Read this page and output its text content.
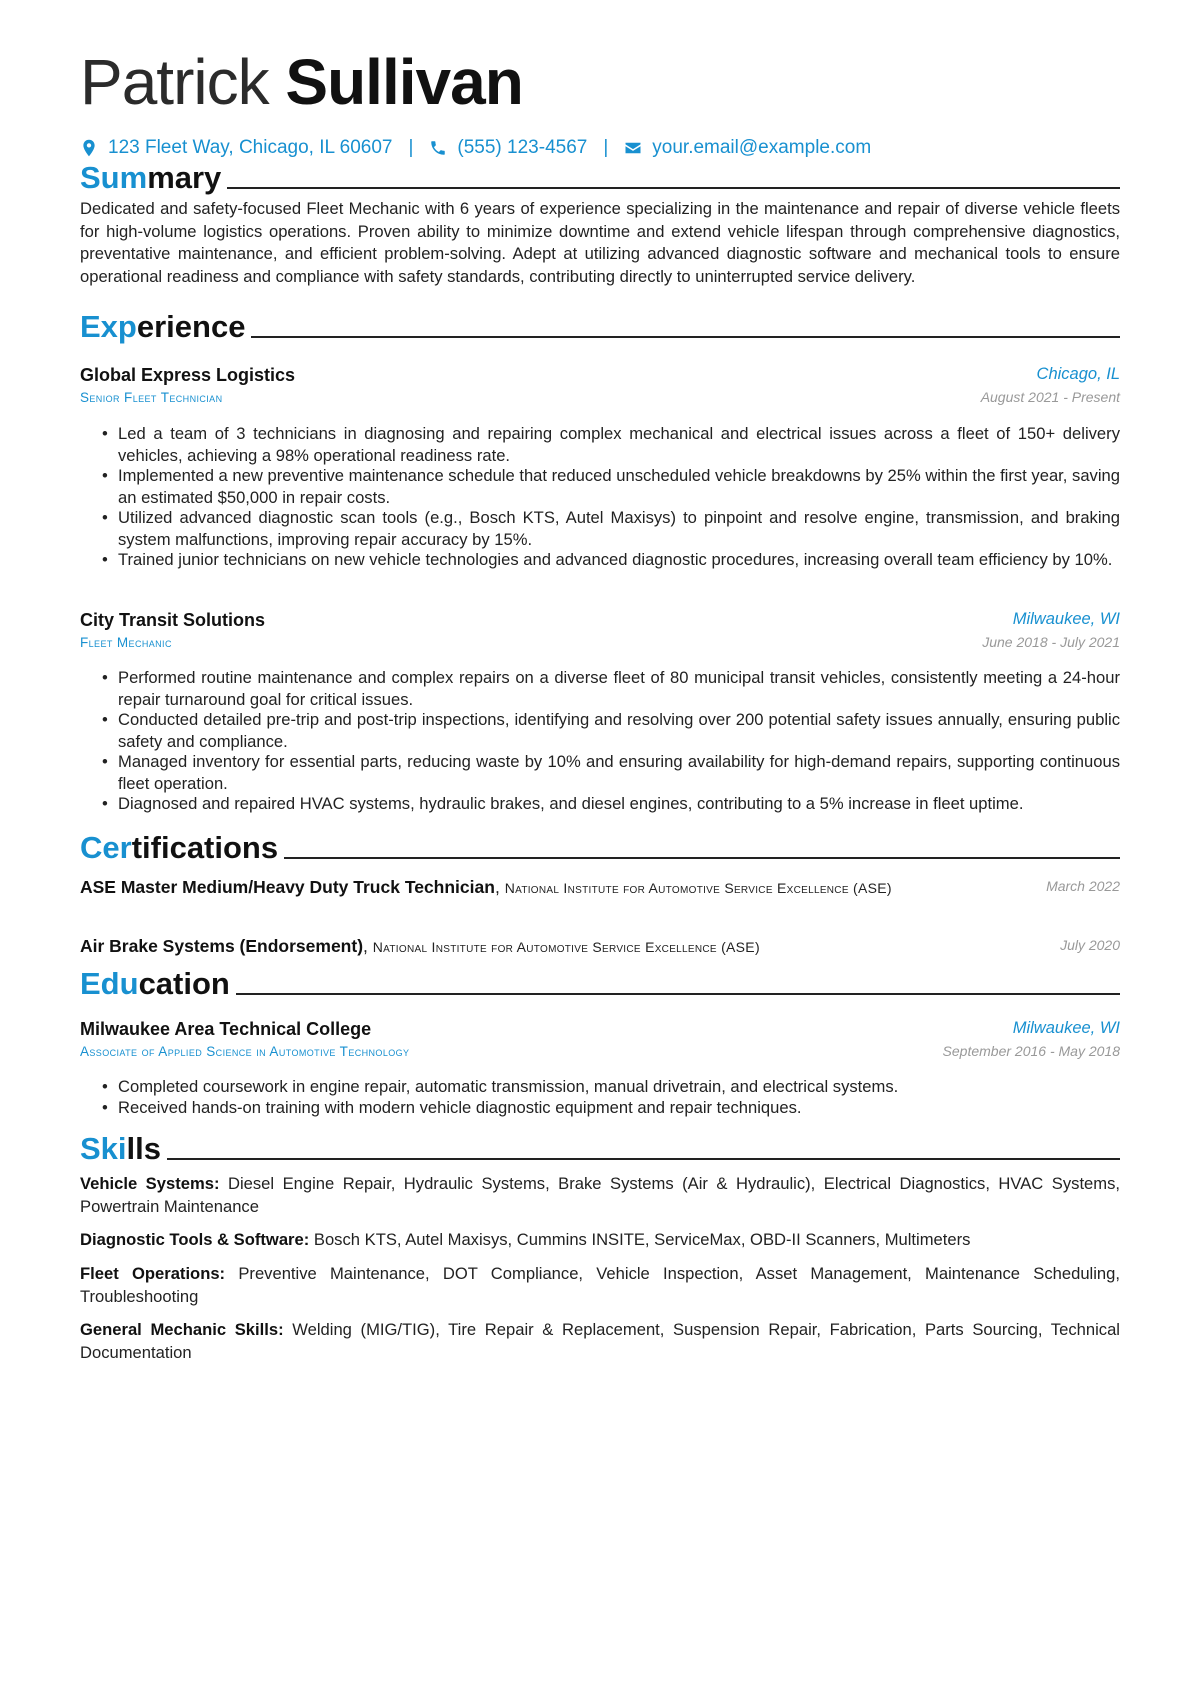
Patrick Sullivan
123 Fleet Way, Chicago, IL 60607 | (555) 123-4567 | your.email@example.com
Summary

Dedicated and safety-focused Fleet Mechanic with 6 years of experience specializing in the maintenance and repair of diverse vehicle fleets for high-volume logistics operations. Proven ability to minimize downtime and extend vehicle lifespan through comprehensive diagnostics, preventative maintenance, and efficient problem-solving. Adept at utilizing advanced diagnostic software and mechanical tools to ensure operational readiness and compliance with safety standards, contributing directly to uninterrupted service delivery.

Experience
Global Express Logistics	Chicago, IL
Senior Fleet Technician	August 2021 - Present
• Led a team of 3 technicians in diagnosing and repairing complex mechanical and electrical issues across a fleet of 150+ delivery vehicles, achieving a 98% operational readiness rate.
• Implemented a new preventive maintenance schedule that reduced unscheduled vehicle breakdowns by 25% within the first year, saving an estimated $50,000 in repair costs.
• Utilized advanced diagnostic scan tools (e.g., Bosch KTS, Autel Maxisys) to pinpoint and resolve engine, transmission, and braking system malfunctions, improving repair accuracy by 15%.
• Trained junior technicians on new vehicle technologies and advanced diagnostic procedures, increasing overall team efficiency by 10%.
City Transit Solutions	Milwaukee, WI
Fleet Mechanic	June 2018 - July 2021
• Performed routine maintenance and complex repairs on a diverse fleet of 80 municipal transit vehicles, consistently meeting a 24-hour repair turnaround goal for critical issues.
• Conducted detailed pre-trip and post-trip inspections, identifying and resolving over 200 potential safety issues annually, ensuring public safety and compliance.
• Managed inventory for essential parts, reducing waste by 10% and ensuring availability for high-demand repairs, supporting continuous fleet operation.
• Diagnosed and repaired HVAC systems, hydraulic brakes, and diesel engines, contributing to a 5% increase in fleet uptime.
Certifications
ASE Master Medium/Heavy Duty Truck Technician, National Institute for Automotive Service Excellence (ASE)	March 2022
Air Brake Systems (Endorsement), National Institute for Automotive Service Excellence (ASE)	July 2020
Education
Milwaukee Area Technical College	Milwaukee, WI
Associate of Applied Science in Automotive Technology	September 2016 - May 2018
• Completed coursework in engine repair, automatic transmission, manual drivetrain, and electrical systems.
• Received hands-on training with modern vehicle diagnostic equipment and repair techniques.
Skills

Vehicle Systems: Diesel Engine Repair, Hydraulic Systems, Brake Systems (Air & Hydraulic), Electrical Diagnostics, HVAC Systems, Powertrain Maintenance

Diagnostic Tools & Software: Bosch KTS, Autel Maxisys, Cummins INSITE, ServiceMax, OBD-II Scanners, Multimeters

Fleet Operations: Preventive Maintenance, DOT Compliance, Vehicle Inspection, Asset Management, Maintenance Scheduling, Troubleshooting

General Mechanic Skills: Welding (MIG/TIG), Tire Repair & Replacement, Suspension Repair, Fabrication, Parts Sourcing, Technical Documentation
